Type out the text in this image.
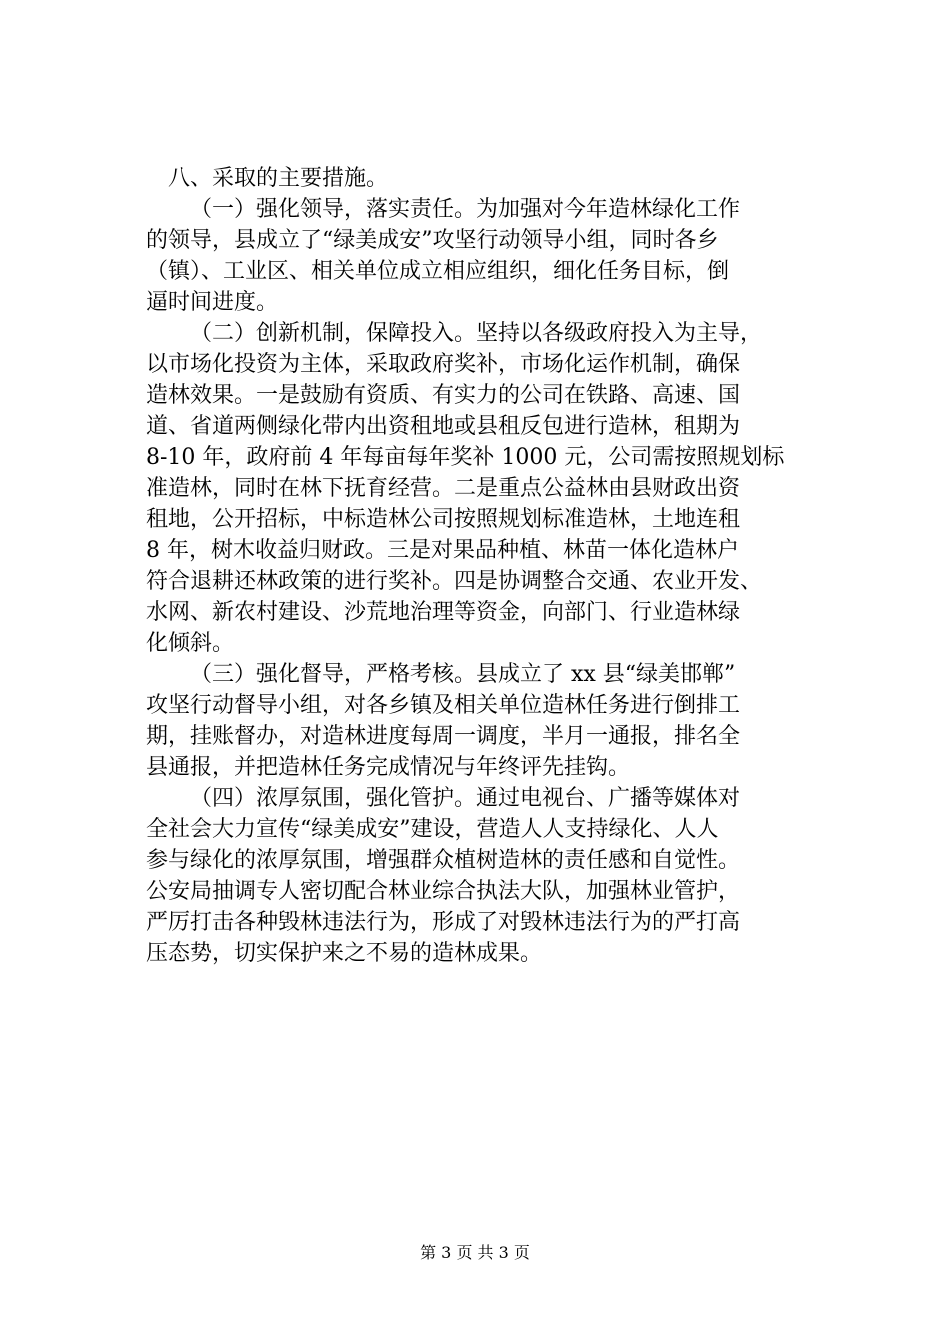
八、采取的主要措施。
（一）强化领导，落实责任。为加强对今年造林绿化工作
的领导，县成立了“绿美成安”攻坚行动领导小组，同时各乡
（镇）、工业区、相关单位成立相应组织，细化任务目标，倒
逼时间进度。
（二）创新机制，保障投入。坚持以各级政府投入为主导，
以市场化投资为主体，采取政府奖补，市场化运作机制，确保
造林效果。一是鼓励有资质、有实力的公司在铁路、高速、国
道、省道两侧绿化带内出资租地或县租反包进行造林，租期为
8-10 年，政府前 4 年每亩每年奖补 1000 元，公司需按照规划标
准造林，同时在林下抚育经营。二是重点公益林由县财政出资
租地，公开招标，中标造林公司按照规划标准造林，土地连租
8 年，树木收益归财政。三是对果品种植、林苗一体化造林户
符合退耕还林政策的进行奖补。四是协调整合交通、农业开发、
水网、新农村建设、沙荒地治理等资金，向部门、行业造林绿
化倾斜。
（三）强化督导，严格考核。县成立了 xx 县“绿美邯郸”
攻坚行动督导小组，对各乡镇及相关单位造林任务进行倒排工
期，挂账督办，对造林进度每周一调度，半月一通报，排名全
县通报，并把造林任务完成情况与年终评先挂钩。
（四）浓厚氛围，强化管护。通过电视台、广播等媒体对
全社会大力宣传“绿美成安”建设，营造人人支持绿化、人人
参与绿化的浓厚氛围，增强群众植树造林的责任感和自觉性。
公安局抽调专人密切配合林业综合执法大队，加强林业管护，
严厉打击各种毁林违法行为，形成了对毁林违法行为的严打高
压态势，切实保护来之不易的造林成果。
第 3 页 共 3 页
